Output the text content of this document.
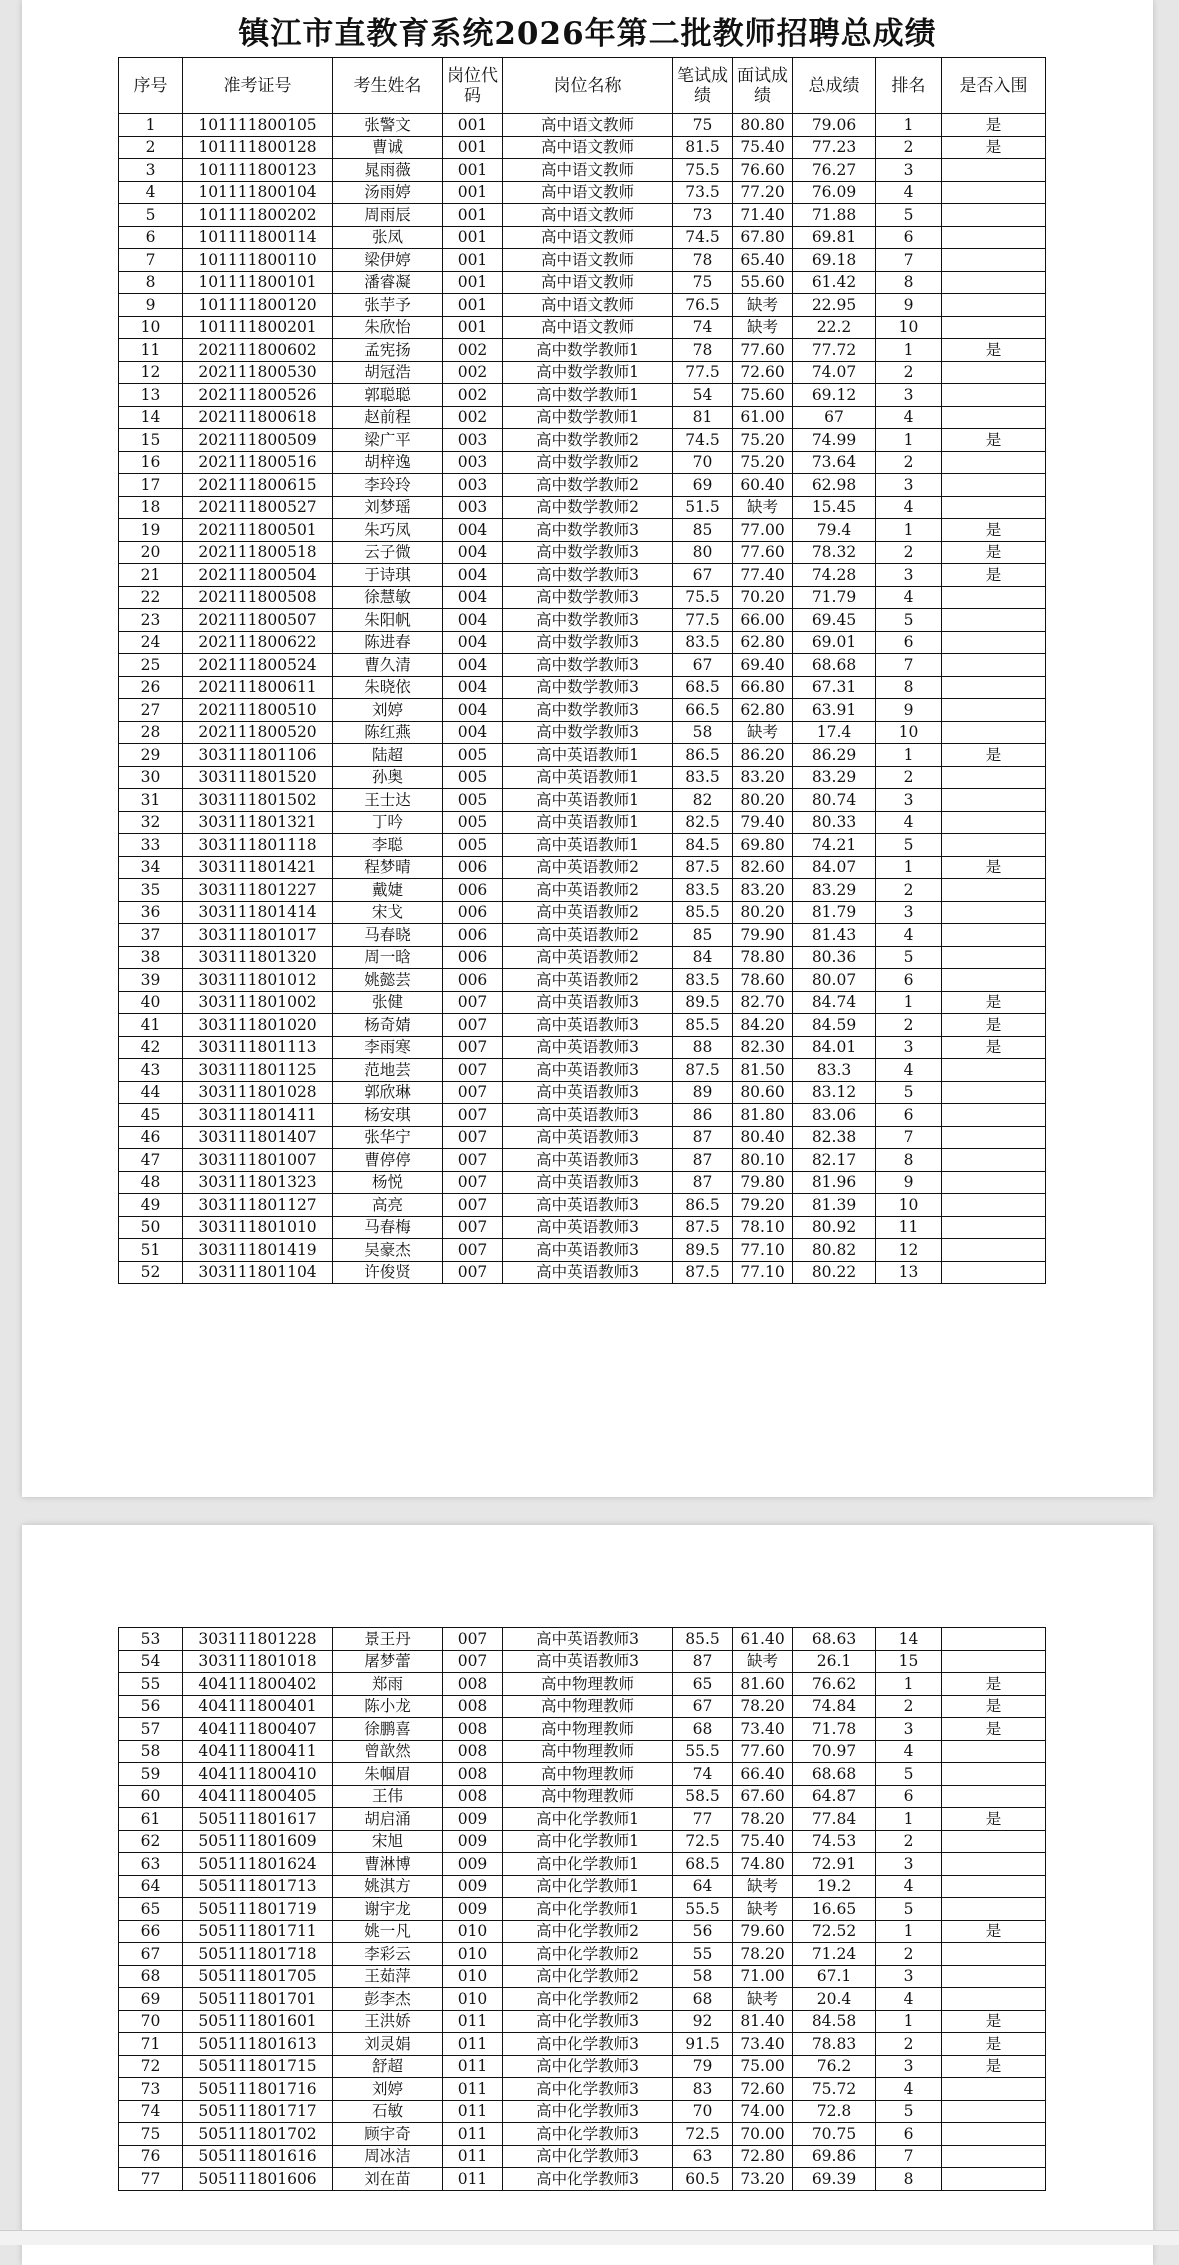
镇江市直教育系统2026年第二批教师招聘总成绩
序号	准考证号	考生姓名	岗位代码	岗位名称	笔试成绩	面试成绩	总成绩	排名	是否入围
1	101111800105	张警文	001	高中语文教师	75	80.80	79.06	1	是
2	101111800128	曹诚	001	高中语文教师	81.5	75.40	77.23	2	是
3	101111800123	晁雨薇	001	高中语文教师	75.5	76.60	76.27	3	
4	101111800104	汤雨婷	001	高中语文教师	73.5	77.20	76.09	4	
5	101111800202	周雨辰	001	高中语文教师	73	71.40	71.88	5	
6	101111800114	张凤	001	高中语文教师	74.5	67.80	69.81	6	
7	101111800110	梁伊婷	001	高中语文教师	78	65.40	69.18	7	
8	101111800101	潘睿凝	001	高中语文教师	75	55.60	61.42	8	
9	101111800120	张芋予	001	高中语文教师	76.5	缺考	22.95	9	
10	101111800201	朱欣怡	001	高中语文教师	74	缺考	22.2	10	
11	202111800602	孟宪扬	002	高中数学教师1	78	77.60	77.72	1	是
12	202111800530	胡冠浩	002	高中数学教师1	77.5	72.60	74.07	2	
13	202111800526	郭聪聪	002	高中数学教师1	54	75.60	69.12	3	
14	202111800618	赵前程	002	高中数学教师1	81	61.00	67	4	
15	202111800509	梁广平	003	高中数学教师2	74.5	75.20	74.99	1	是
16	202111800516	胡梓逸	003	高中数学教师2	70	75.20	73.64	2	
17	202111800615	李玲玲	003	高中数学教师2	69	60.40	62.98	3	
18	202111800527	刘梦瑶	003	高中数学教师2	51.5	缺考	15.45	4	
19	202111800501	朱巧凤	004	高中数学教师3	85	77.00	79.4	1	是
20	202111800518	云子微	004	高中数学教师3	80	77.60	78.32	2	是
21	202111800504	于诗琪	004	高中数学教师3	67	77.40	74.28	3	是
22	202111800508	徐慧敏	004	高中数学教师3	75.5	70.20	71.79	4	
23	202111800507	朱阳帆	004	高中数学教师3	77.5	66.00	69.45	5	
24	202111800622	陈进春	004	高中数学教师3	83.5	62.80	69.01	6	
25	202111800524	曹久清	004	高中数学教师3	67	69.40	68.68	7	
26	202111800611	朱晓依	004	高中数学教师3	68.5	66.80	67.31	8	
27	202111800510	刘婷	004	高中数学教师3	66.5	62.80	63.91	9	
28	202111800520	陈红燕	004	高中数学教师3	58	缺考	17.4	10	
29	303111801106	陆超	005	高中英语教师1	86.5	86.20	86.29	1	是
30	303111801520	孙奥	005	高中英语教师1	83.5	83.20	83.29	2	
31	303111801502	王士达	005	高中英语教师1	82	80.20	80.74	3	
32	303111801321	丁吟	005	高中英语教师1	82.5	79.40	80.33	4	
33	303111801118	李聪	005	高中英语教师1	84.5	69.80	74.21	5	
34	303111801421	程梦晴	006	高中英语教师2	87.5	82.60	84.07	1	是
35	303111801227	戴婕	006	高中英语教师2	83.5	83.20	83.29	2	
36	303111801414	宋戈	006	高中英语教师2	85.5	80.20	81.79	3	
37	303111801017	马春晓	006	高中英语教师2	85	79.90	81.43	4	
38	303111801320	周一晗	006	高中英语教师2	84	78.80	80.36	5	
39	303111801012	姚懿芸	006	高中英语教师2	83.5	78.60	80.07	6	
40	303111801002	张健	007	高中英语教师3	89.5	82.70	84.74	1	是
41	303111801020	杨奇婧	007	高中英语教师3	85.5	84.20	84.59	2	是
42	303111801113	李雨寒	007	高中英语教师3	88	82.30	84.01	3	是
43	303111801125	范地芸	007	高中英语教师3	87.5	81.50	83.3	4	
44	303111801028	郭欣琳	007	高中英语教师3	89	80.60	83.12	5	
45	303111801411	杨安琪	007	高中英语教师3	86	81.80	83.06	6	
46	303111801407	张华宁	007	高中英语教师3	87	80.40	82.38	7	
47	303111801007	曹停停	007	高中英语教师3	87	80.10	82.17	8	
48	303111801323	杨悦	007	高中英语教师3	87	79.80	81.96	9	
49	303111801127	高亮	007	高中英语教师3	86.5	79.20	81.39	10	
50	303111801010	马春梅	007	高中英语教师3	87.5	78.10	80.92	11	
51	303111801419	吴豪杰	007	高中英语教师3	89.5	77.10	80.82	12	
52	303111801104	许俊贤	007	高中英语教师3	87.5	77.10	80.22	13	
53	303111801228	景王丹	007	高中英语教师3	85.5	61.40	68.63	14	
54	303111801018	屠梦蕾	007	高中英语教师3	87	缺考	26.1	15	
55	404111800402	郑雨	008	高中物理教师	65	81.60	76.62	1	是
56	404111800401	陈小龙	008	高中物理教师	67	78.20	74.84	2	是
57	404111800407	徐鹏喜	008	高中物理教师	68	73.40	71.78	3	是
58	404111800411	曾歆然	008	高中物理教师	55.5	77.60	70.97	4	
59	404111800410	朱帼眉	008	高中物理教师	74	66.40	68.68	5	
60	404111800405	王伟	008	高中物理教师	58.5	67.60	64.87	6	
61	505111801617	胡启涌	009	高中化学教师1	77	78.20	77.84	1	是
62	505111801609	宋旭	009	高中化学教师1	72.5	75.40	74.53	2	
63	505111801624	曹淋博	009	高中化学教师1	68.5	74.80	72.91	3	
64	505111801713	姚淇方	009	高中化学教师1	64	缺考	19.2	4	
65	505111801719	谢宇龙	009	高中化学教师1	55.5	缺考	16.65	5	
66	505111801711	姚一凡	010	高中化学教师2	56	79.60	72.52	1	是
67	505111801718	李彩云	010	高中化学教师2	55	78.20	71.24	2	
68	505111801705	王茹萍	010	高中化学教师2	58	71.00	67.1	3	
69	505111801701	彭李杰	010	高中化学教师2	68	缺考	20.4	4	
70	505111801601	王洪娇	011	高中化学教师3	92	81.40	84.58	1	是
71	505111801613	刘灵娟	011	高中化学教师3	91.5	73.40	78.83	2	是
72	505111801715	舒超	011	高中化学教师3	79	75.00	76.2	3	是
73	505111801716	刘婷	011	高中化学教师3	83	72.60	75.72	4	
74	505111801717	石敏	011	高中化学教师3	70	74.00	72.8	5	
75	505111801702	顾宇奇	011	高中化学教师3	72.5	70.00	70.75	6	
76	505111801616	周冰洁	011	高中化学教师3	63	72.80	69.86	7	
77	505111801606	刘在苗	011	高中化学教师3	60.5	73.20	69.39	8	
